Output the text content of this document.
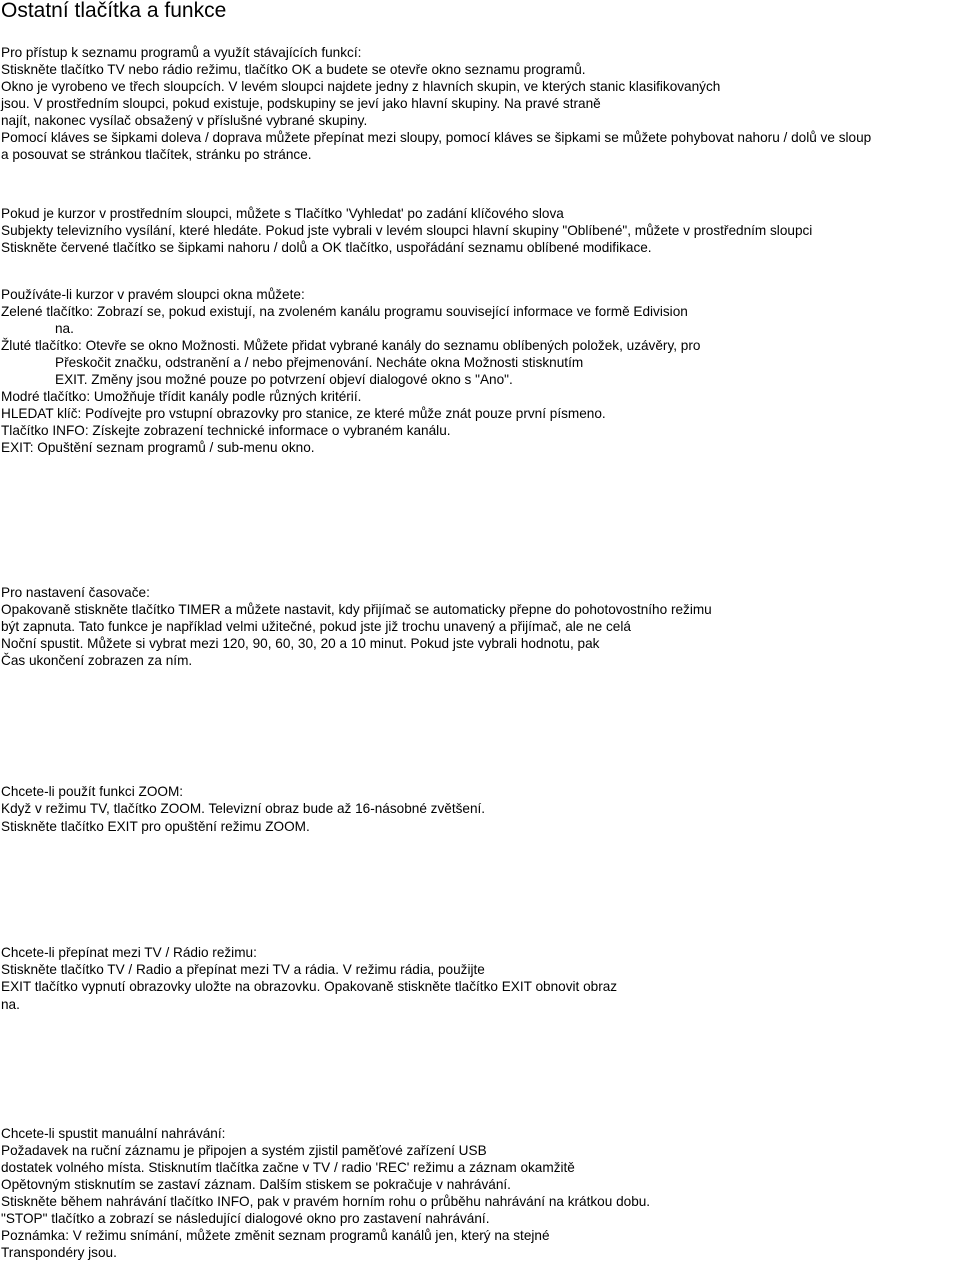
Ostatní tlačítka a funkce

Pro přístup k seznamu programů a využít stávajících funkcí:

Stiskněte tlačítko TV nebo rádio režimu, tlačítko OK a budete se otevře okno seznamu programů.

Okno je vyrobeno ve třech sloupcích. V levém sloupci najdete jedny z hlavních skupin, ve kterých stanic klasifikovaných

jsou. V prostředním sloupci, pokud existuje, podskupiny se jeví jako hlavní skupiny. Na pravé straně

najít, nakonec vysílač obsažený v příslušné vybrané skupiny.

Pomocí kláves se šipkami doleva / doprava můžete přepínat mezi sloupy, pomocí kláves se šipkami se můžete pohybovat nahoru / dolů ve sloup

a posouvat se stránkou tlačítek, stránku po stránce.

Pokud je kurzor v prostředním sloupci, můžete s Tlačítko 'Vyhledat' po zadání klíčového slova

Subjekty televizního vysílání, které hledáte. Pokud jste vybrali v levém sloupci hlavní skupiny "Oblíbené", můžete v prostředním sloupci

Stiskněte červené tlačítko se šipkami nahoru / dolů a OK tlačítko, uspořádání seznamu oblíbené modifikace.

Používáte-li kurzor v pravém sloupci okna můžete:

Zelené tlačítko: Zobrazí se, pokud existují, na zvoleném kanálu programu související informace ve formě Edivision

na.

Žluté tlačítko: Otevře se okno Možnosti. Můžete přidat vybrané kanály do seznamu oblíbených položek, uzávěry, pro

Přeskočit značku, odstranění a / nebo přejmenování. Necháte okna Možnosti stisknutím

EXIT. Změny jsou možné pouze po potvrzení objeví dialogové okno s "Ano".

Modré tlačítko: Umožňuje třídit kanály podle různých kritérií.

HLEDAT klíč: Podívejte pro vstupní obrazovky pro stanice, ze které může znát pouze první písmeno.

Tlačítko INFO: Získejte zobrazení technické informace o vybraném kanálu.

EXIT: Opuštění seznam programů / sub-menu okno.

Pro nastavení časovače:

Opakovaně stiskněte tlačítko TIMER a můžete nastavit, kdy přijímač se automaticky přepne do pohotovostního režimu

být zapnuta. Tato funkce je například velmi užitečné, pokud jste již trochu unavený a přijímač, ale ne celá

Noční spustit. Můžete si vybrat mezi 120, 90, 60, 30, 20 a 10 minut. Pokud jste vybrali hodnotu, pak

Čas ukončení zobrazen za ním.

Chcete-li použít funkci ZOOM:

Když v režimu TV, tlačítko ZOOM. Televizní obraz bude až 16-násobné zvětšení.

Stiskněte tlačítko EXIT pro opuštění režimu ZOOM.

Chcete-li přepínat mezi TV / Rádio režimu:

Stiskněte tlačítko TV / Radio a přepínat mezi TV a rádia. V režimu rádia, použijte

EXIT tlačítko vypnutí obrazovky uložte na obrazovku. Opakovaně stiskněte tlačítko EXIT obnovit obraz

na.

Chcete-li spustit manuální nahrávání:

Požadavek na ruční záznamu je připojen a systém zjistil paměťové zařízení USB

dostatek volného místa. Stisknutím tlačítka začne v TV / radio 'REC' režimu a záznam okamžitě

Opětovným stisknutím se zastaví záznam. Dalším stiskem se pokračuje v nahrávání.

Stiskněte během nahrávání tlačítko INFO, pak v pravém horním rohu o průběhu nahrávání na krátkou dobu.

"STOP" tlačítko a zobrazí se následující dialogové okno pro zastavení nahrávání.

Poznámka: V režimu snímání, můžete změnit seznam programů kanálů jen, který na stejné

Transpondéry jsou.
